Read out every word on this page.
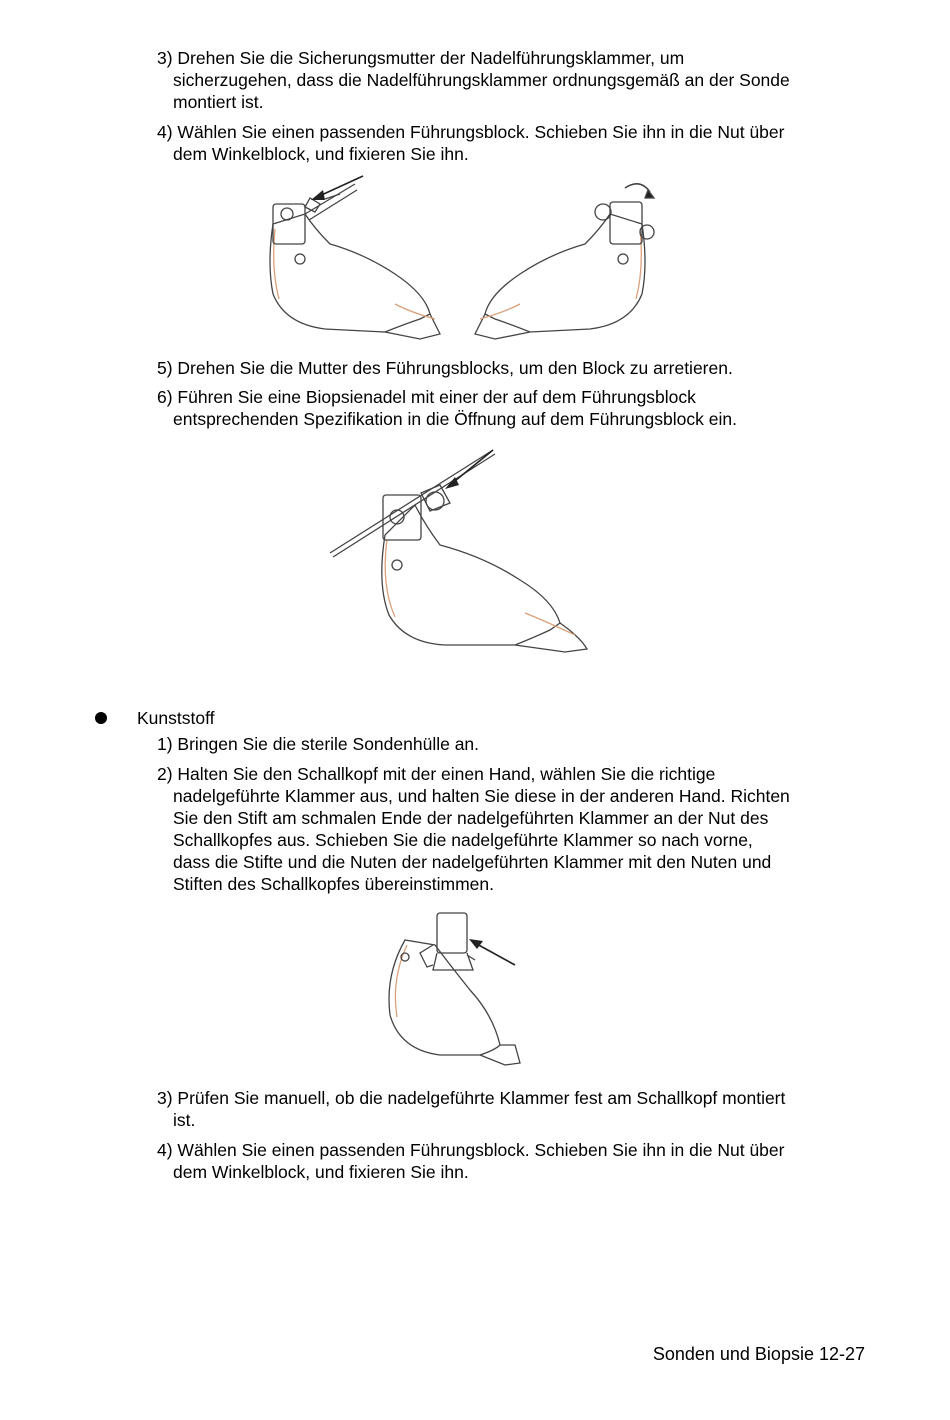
3) Drehen Sie die Sicherungsmutter der Nadelführungsklammer, um
sicherzugehen, dass die Nadelführungsklammer ordnungsgemäß an der Sonde
montiert ist.
4) Wählen Sie einen passenden Führungsblock. Schieben Sie ihn in die Nut über
dem Winkelblock, und fixieren Sie ihn.
5) Drehen Sie die Mutter des Führungsblocks, um den Block zu arretieren.
6) Führen Sie eine Biopsienadel mit einer der auf dem Führungsblock
entsprechenden Spezifikation in die Öffnung auf dem Führungsblock ein.
Kunststoff
1) Bringen Sie die sterile Sondenhülle an.
2) Halten Sie den Schallkopf mit der einen Hand, wählen Sie die richtige
nadelgeführte Klammer aus, und halten Sie diese in der anderen Hand. Richten
Sie den Stift am schmalen Ende der nadelgeführten Klammer an der Nut des
Schallkopfes aus. Schieben Sie die nadelgeführte Klammer so nach vorne,
dass die Stifte und die Nuten der nadelgeführten Klammer mit den Nuten und
Stiften des Schallkopfes übereinstimmen.
3) Prüfen Sie manuell, ob die nadelgeführte Klammer fest am Schallkopf montiert
ist.
4) Wählen Sie einen passenden Führungsblock. Schieben Sie ihn in die Nut über
dem Winkelblock, und fixieren Sie ihn.
Sonden und Biopsie 12-27
